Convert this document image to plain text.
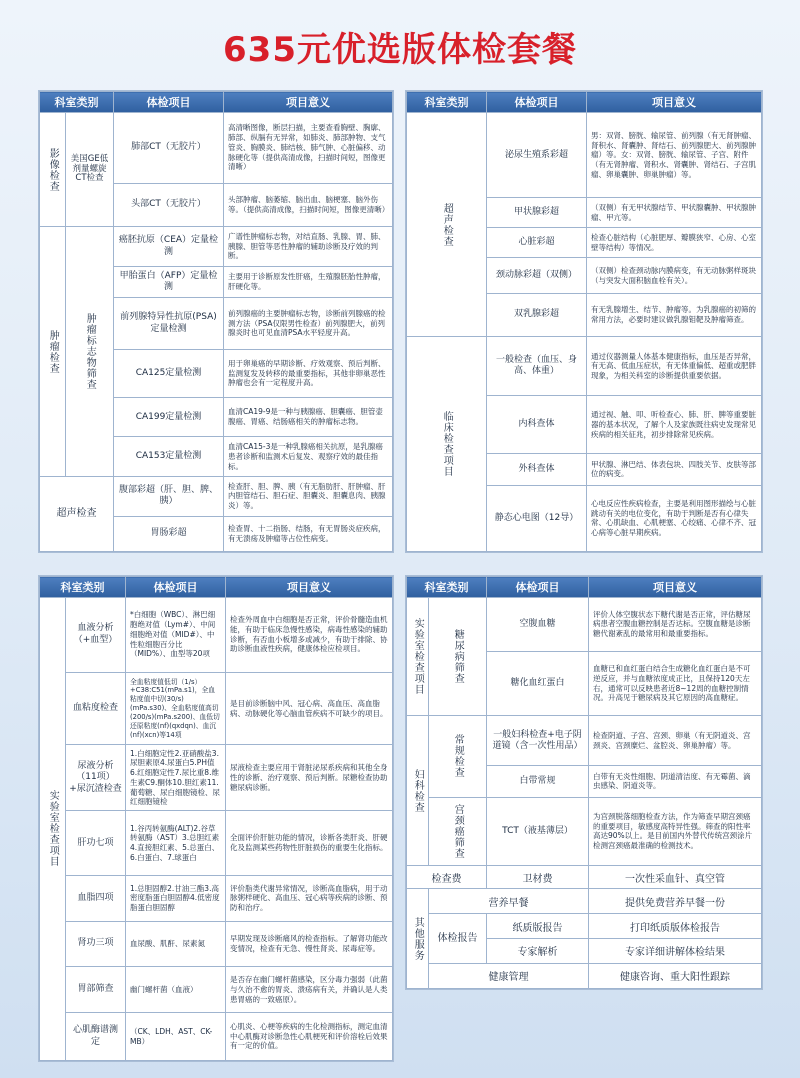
635元优选版体检套餐
科室类别		体检项目	项目意义

影像检查	美国GE低剂量螺旋CT检查	肺部CT（无胶片）	高清晰图像，断层扫描，主要查看胸壁、胸廓、肺部、纵膈有无异常，如肺炎、肺部肿物、支气管炎、胸膜炎、肺结核、肺气肿、心脏偏移、动脉硬化等（提供高清成像，扫描时间短，图像更清晰）
		头部CT（无胶片）	头部肿瘤、脑萎缩、脑出血、脑梗塞、脑外伤等。（提供高清成像，扫描时间短，图像更清晰）

肿瘤检查	肿瘤标志物筛查	癌胚抗原（CEA）定量检测	广谱性肿瘤标志物，对结直肠、乳腺、胃、肺、胰腺、胆管等恶性肿瘤的辅助诊断及疗效的判断。
		甲胎蛋白（AFP）定量检测	主要用于诊断原发性肝癌，生殖腺胚胎性肿瘤，肝硬化等。
		前列腺特异性抗原(PSA)定量检测	前列腺癌的主要肿瘤标志物，诊断前列腺癌的检测方法（PSA仅限男性检查）前列腺肥大，前列腺炎时也可见血清PSA水平轻度升高。
		CA125定量检测	用于卵巢癌的早期诊断、疗效观察、预后判断、监测复发及转移的最重要指标，其他非卵巢恶性肿瘤也会有一定程度升高。
		CA199定量检测	血清CA19-9是一种与胰腺癌、胆囊癌、胆管壶腹癌、胃癌、结肠癌相关的肿瘤标志物。
		CA153定量检测	血清CA15-3是一种乳腺癌相关抗原，是乳腺癌患者诊断和监测术后复发、观察疗效的最佳指标。
超声检查		腹部彩超（肝、胆、脾、胰）	检查肝、胆、脾、胰（有无脂肪肝、肝肿瘤、肝内胆管结石、胆石症、胆囊炎、胆囊息肉、胰腺炎）等。
		胃肠彩超	检查胃、十二指肠、结肠，有无胃肠炎症疾病，有无溃疡及肿瘤等占位性病变。
科室类别	体检项目	项目意义

超声检查	泌尿生殖系彩超	男：双肾、膀胱、输尿管、前列腺（有无肾肿瘤、肾积水、肾囊肿、肾结石、前列腺肥大、前列腺肿瘤）等。女：双肾、膀胱、输尿管、子宫、附件（有无肾肿瘤、肾积水、肾囊肿、肾结石、子宫肌瘤、卵巢囊肿、卵巢肿瘤）等。
	甲状腺彩超	（双侧）有无甲状腺结节、甲状腺囊肿、甲状腺肿瘤、甲亢等。
	心脏彩超	检查心脏结构（心脏肥厚、瓣膜狭窄、心房、心室壁等结构）等情况。
	颈动脉彩超（双侧）	（双侧）检查颈动脉内膜病变，有无动脉粥样斑块（与突发大面积脑血栓有关）。
	双乳腺彩超	有无乳腺增生、结节、肿瘤等。为乳腺癌的初筛的常用方法，必要时建议做乳腺钼靶及肿瘤筛查。

临床检查项目	一般检查（血压、身高、体重）	通过仪器测量人体基本健康指标，血压是否异常，有无高、低血压症状，有无体重偏低、超重或肥胖现象，为相关科室的诊断提供重要依据。
	内科查体	通过视、触、叩、听检查心、肺、肝、脾等重要脏器的基本状况，了解个人及家族既往病史发现常见疾病的相关征兆，初步排除常见疾病。
	外科查体	甲状腺、淋巴结、体表包块、四肢关节、皮肤等部位的病变。
	静态心电图（12导）	心电反应性疾病检查，主要是利用图形描绘与心脏跳动有关的电位变化，有助于判断是否有心律失常、心肌缺血、心肌梗塞、心绞痛、心律不齐、冠心病等心脏早期疾病。
科室类别		体检项目	项目意义

实验室检查项目	血液分析（+血型）	*白细胞（WBC）、淋巴细胞绝对值（Lym#）、中间细胞绝对值（MID#）、中性粒细胞百分比（MID%）、血型等20项	检查外周血中白细胞是否正常，评价骨髓造血机能，有助于临床急慢性感染，病毒性感染的辅助诊断，有否血小板增多或减少，有助于排除、协助诊断血液性疾病，健康体检应检项目。
	血粘度检查	全血粘度值低切（1/s）+C38:C51(mPa.s1)，全血粘度值中切(30/s)(mPa.s30)、全血粘度值高切(200/s)(mPa.s200)、血低切还原粘度(nf)(qxdqn)、血沉(nf)(xcn)等14项	是目前诊断脑中风、冠心病、高血压、高血脂病、动脉硬化等心脑血管疾病不可缺少的项目。
	尿液分析（11项）+尿沉渣检查	1.白细胞定性2.亚硝酸盐3.尿胆素原4.尿蛋白5.PH值6.红细胞定性7.尿比重8.维生素C9.酮体10.胆红素11.葡萄糖、尿白细胞镜检、尿红细胞镜检	尿液检查主要应用于肾脏泌尿系疾病和其他全身性的诊断、治疗观察、预后判断。尿糖检查协助糖尿病诊断。
	肝功七项	1.谷丙转氨酶(ALT)2.谷草转氨酶（AST）3.总胆红素4.直接胆红素、5.总蛋白、6.白蛋白、7.球蛋白	全面评价肝脏功能的情况，诊断各类肝炎、肝硬化及监测某些药物性肝脏损伤的重要生化指标。
	血脂四项	1.总胆固醇2.甘油三酯3.高密度脂蛋白胆固醇4.低密度脂蛋白胆固醇	评价脂类代谢异常情况，诊断高血脂病，用于动脉粥样硬化、高血压、冠心病等疾病的诊断、预防和治疗。
	肾功三项	血尿酸、肌酐、尿素氮	早期发现及诊断痛风的检查指标。了解肾功能改变情况，检查有无急、慢性肾炎、尿毒症等。
	胃部筛查	幽门螺杆菌（血液）	是否存在幽门螺杆菌感染，区分毒力强弱（此菌与久治不愈的胃炎、溃疡病有关，并确认是人类患胃癌的一致癌原）。
	心肌酶谱测定	（CK、LDH、AST、CK-MB）	心肌炎、心梗等疾病的生化检测指标，测定血清中心肌酶对诊断急性心肌梗死和评价溶栓后效果有一定的价值。
科室类别		体检项目	项目意义

实验室检查项目	糖尿病筛查	空腹血糖	评价人体空腹状态下糖代谢是否正常，评估糖尿病患者空腹血糖控制是否达标。空腹血糖是诊断糖代谢紊乱的最常用和最重要指标。
		糖化血红蛋白	血糖已和血红蛋白结合生成糖化血红蛋白是不可逆反应，并与血糖浓度成正比，且保持120天左右，通常可以反映患者近8~12周的血糖控制情况。升高见于糖尿病及其它原因的高血糖症。

妇科检查	常规检查	一般妇科检查+电子阴道镜（含一次性用品）	检查阴道、子宫、宫颈、卵巢（有无阴道炎、宫颈炎、宫颈糜烂、盆腔炎、卵巢肿瘤）等。
		白带常规	白带有无炎性细胞、阴道清洁度、有无霉菌、滴虫感染、阴道炎等。

	宫颈癌筛查	TCT（液基薄层）	为宫颈脱落细胞检查方法，作为筛查早期宫颈癌的重要项目，敏感度高特异性强。筛查的阳性率高达90%以上。是目前国内外替代传统宫颈涂片检测宫颈癌最准确的检测技术。
检查费		卫材费	一次性采血针、真空管

其他服务	营养早餐		提供免费营养早餐一份
	体检报告	纸质版报告	打印纸质版体检报告
		专家解析	专家详细讲解体检结果
	健康管理		健康咨询、重大阳性跟踪
